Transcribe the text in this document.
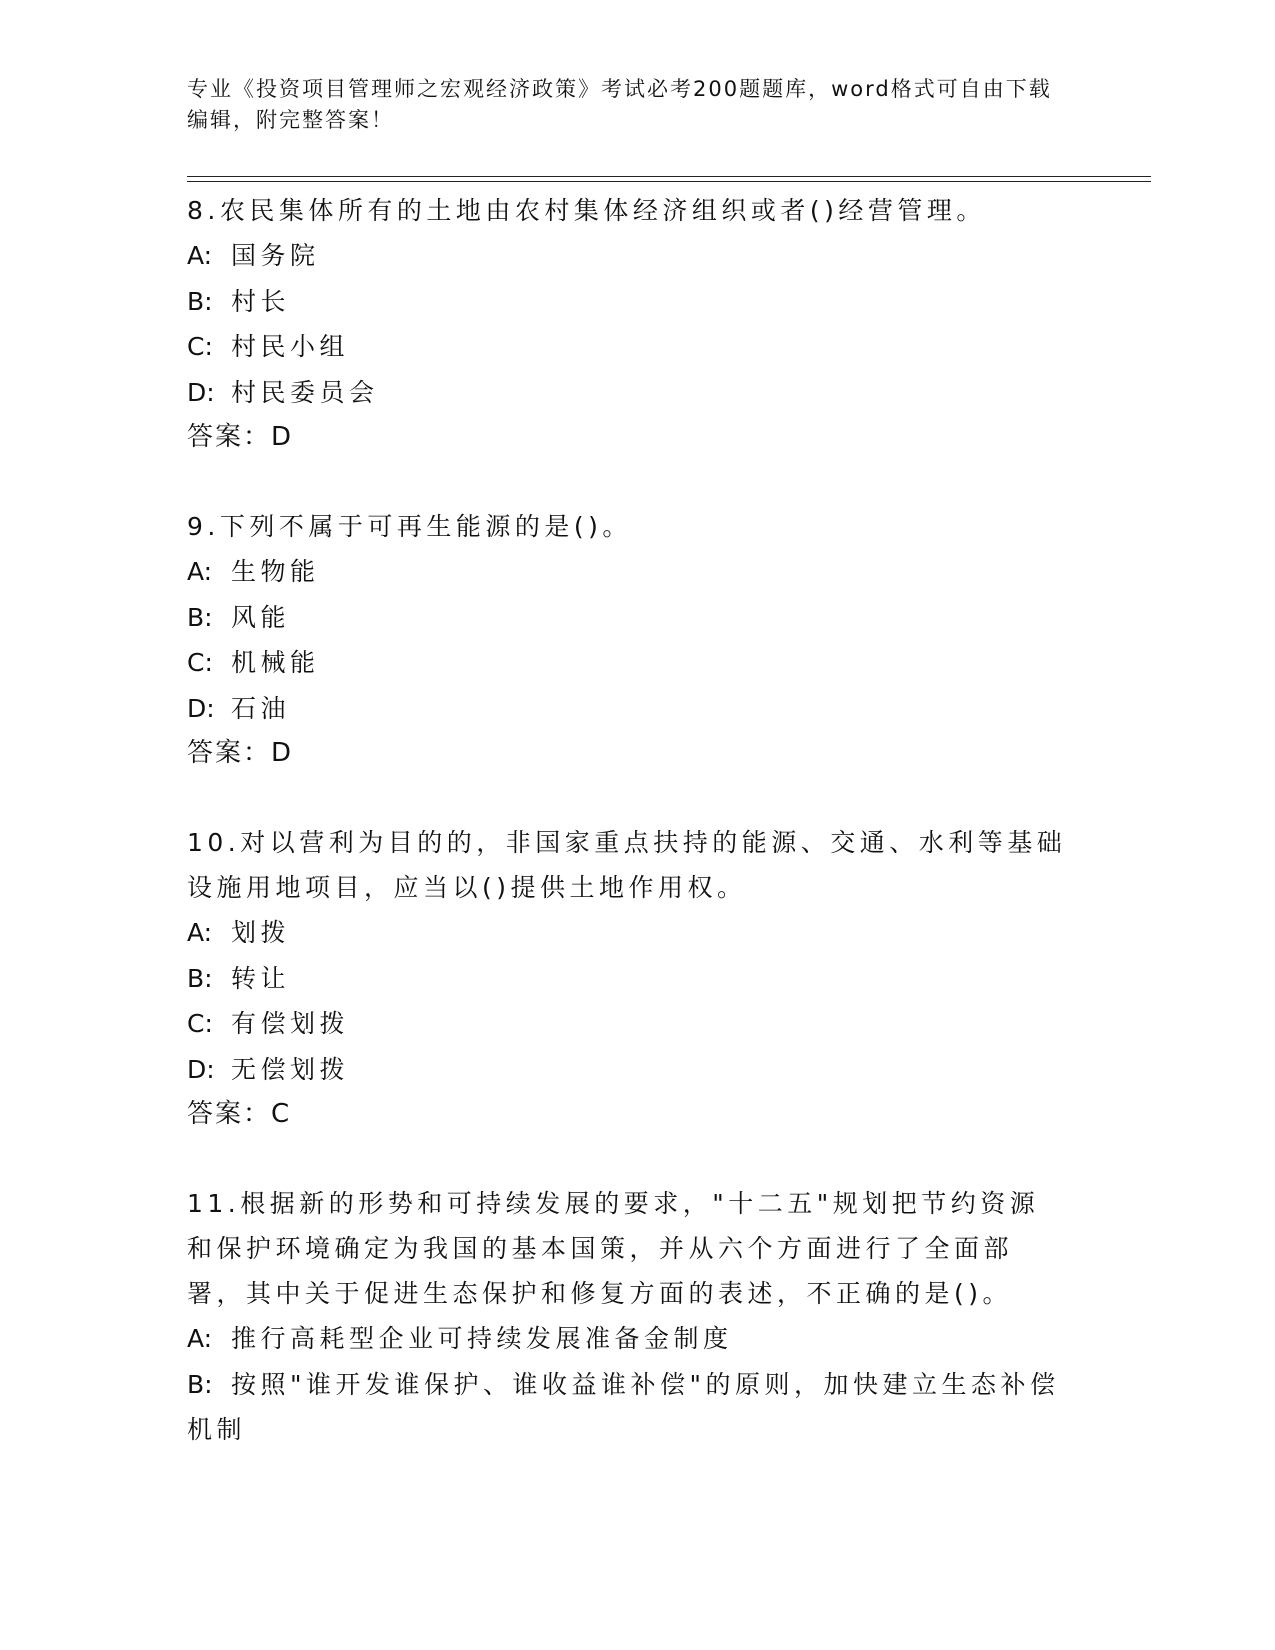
专业《投资项目管理师之宏观经济政策》考试必考200题题库，word格式可自由下载编辑，附完整答案！

8.农民集体所有的土地由农村集体经济组织或者()经营管理。

A: 国务院

B: 村长

C: 村民小组

D: 村民委员会

答案：D

9.下列不属于可再生能源的是()。

A: 生物能

B: 风能

C: 机械能

D: 石油

答案：D

10.对以营利为目的的，非国家重点扶持的能源、交通、水利等基础设施用地项目，应当以()提供土地作用权。

A: 划拨

B: 转让

C: 有偿划拨

D: 无偿划拨

答案：C

11.根据新的形势和可持续发展的要求，"十二五"规划把节约资源和保护环境确定为我国的基本国策，并从六个方面进行了全面部署，其中关于促进生态保护和修复方面的表述，不正确的是()。

A: 推行高耗型企业可持续发展准备金制度

B: 按照"谁开发谁保护、谁收益谁补偿"的原则，加快建立生态补偿机制
